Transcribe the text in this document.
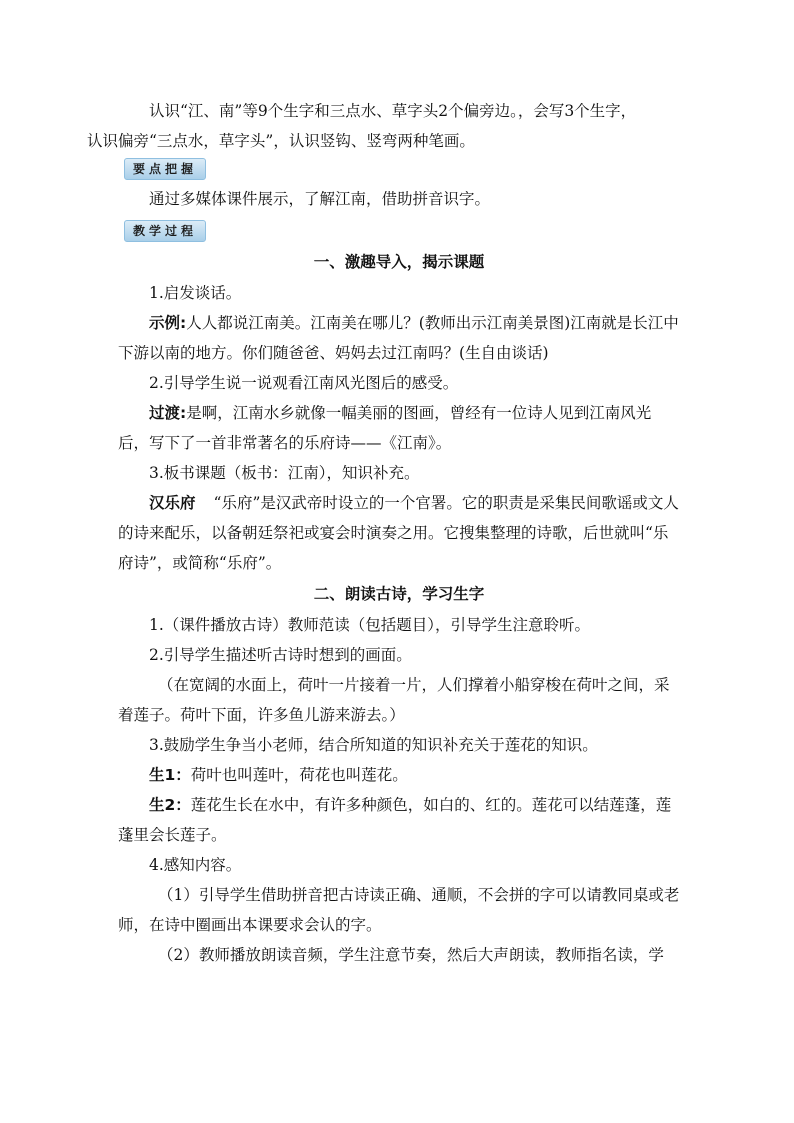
认识“江、南”等9个生字和三点水、草字头2个偏旁边。，会写3个生字，
认识偏旁“三点水，草字头”，认识竖钩、竖弯两种笔画。

要点把握

通过多媒体课件展示，了解江南，借助拼音识字。

教学过程

一、激趣导入，揭示课题

1.启发谈话。

示例:人人都说江南美。江南美在哪儿？(教师出示江南美景图)江南就是长江中下游以南的地方。你们随爸爸、妈妈去过江南吗？(生自由谈话)

2.引导学生说一说观看江南风光图后的感受。

过渡:是啊，江南水乡就像一幅美丽的图画，曾经有一位诗人见到江南风光后，写下了一首非常著名的乐府诗——《江南》。

3.板书课题（板书：江南），知识补充。

汉乐府 “乐府”是汉武帝时设立的一个官署。它的职责是采集民间歌谣或文人的诗来配乐，以备朝廷祭祀或宴会时演奏之用。它搜集整理的诗歌，后世就叫“乐府诗”，或简称“乐府”。

二、朗读古诗，学习生字

1.（课件播放古诗）教师范读（包括题目），引导学生注意聆听。

2.引导学生描述听古诗时想到的画面。

（在宽阔的水面上，荷叶一片接着一片，人们撑着小船穿梭在荷叶之间，采着莲子。荷叶下面，许多鱼儿游来游去。）

3.鼓励学生争当小老师，结合所知道的知识补充关于莲花的知识。

生1：荷叶也叫莲叶，荷花也叫莲花。

生2：莲花生长在水中，有许多种颜色，如白的、红的。莲花可以结莲蓬，莲蓬里会长莲子。

4.感知内容。

（1）引导学生借助拼音把古诗读正确、通顺，不会拼的字可以请教同桌或老师，在诗中圈画出本课要求会认的字。

（2）教师播放朗读音频，学生注意节奏，然后大声朗读，教师指名读，学
